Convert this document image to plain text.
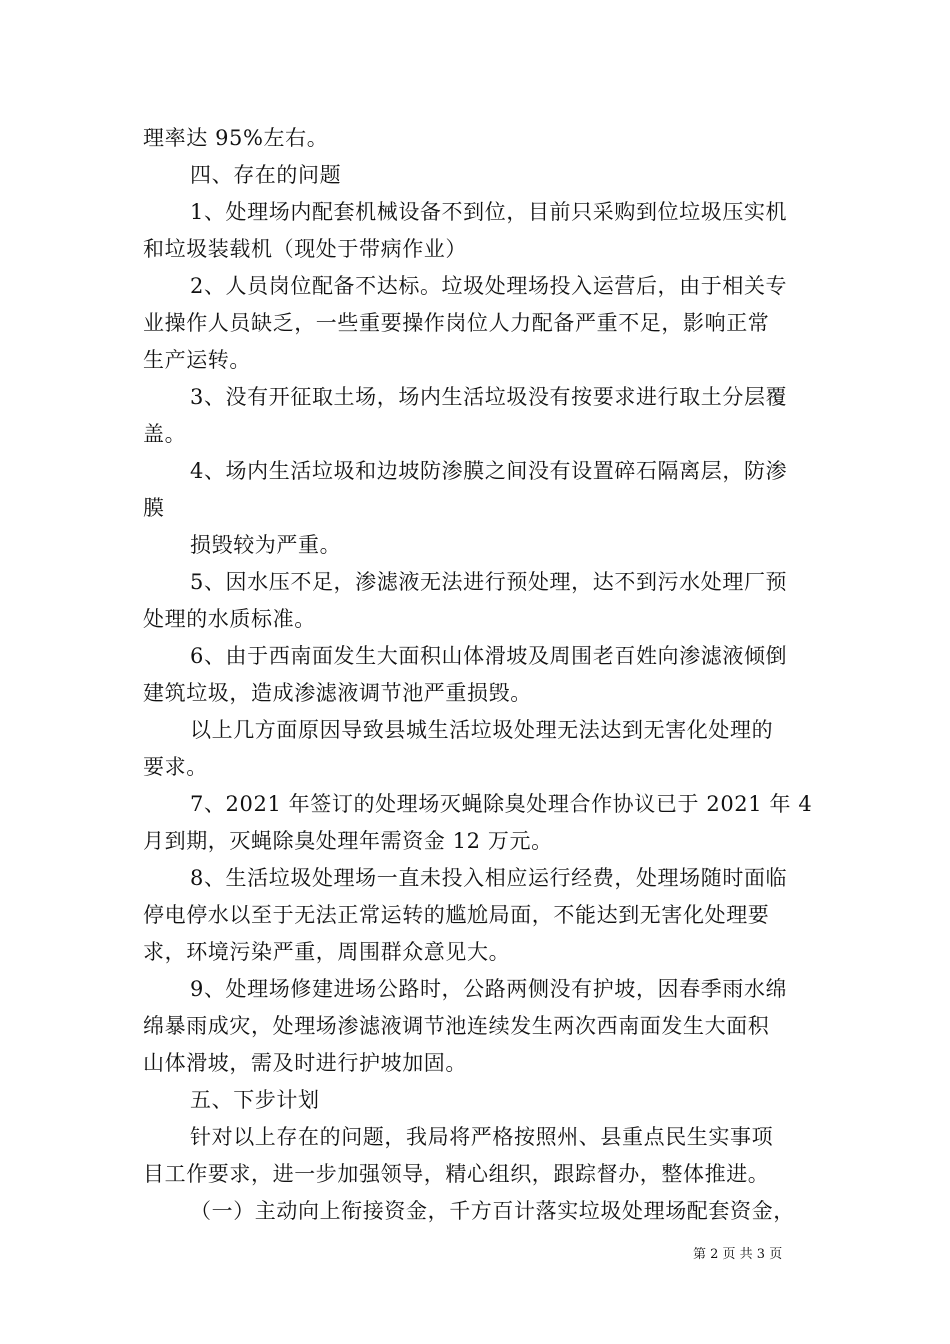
理率达 95%左右。
四、存在的问题
1、处理场内配套机械设备不到位，目前只采购到位垃圾压实机
和垃圾装载机（现处于带病作业）
2、人员岗位配备不达标。垃圾处理场投入运营后，由于相关专
业操作人员缺乏，一些重要操作岗位人力配备严重不足，影响正常
生产运转。
3、没有开征取土场，场内生活垃圾没有按要求进行取土分层覆
盖。
4、场内生活垃圾和边坡防渗膜之间没有设置碎石隔离层，防渗
膜
损毁较为严重。
5、因水压不足，渗滤液无法进行预处理，达不到污水处理厂预
处理的水质标准。
6、由于西南面发生大面积山体滑坡及周围老百姓向渗滤液倾倒
建筑垃圾，造成渗滤液调节池严重损毁。
以上几方面原因导致县城生活垃圾处理无法达到无害化处理的
要求。
7、2021 年签订的处理场灭蝇除臭处理合作协议已于 2021 年 4
月到期，灭蝇除臭处理年需资金 12 万元。
8、生活垃圾处理场一直未投入相应运行经费，处理场随时面临
停电停水以至于无法正常运转的尴尬局面，不能达到无害化处理要
求，环境污染严重，周围群众意见大。
9、处理场修建进场公路时，公路两侧没有护坡，因春季雨水绵
绵暴雨成灾，处理场渗滤液调节池连续发生两次西南面发生大面积
山体滑坡，需及时进行护坡加固。
五、下步计划
针对以上存在的问题，我局将严格按照州、县重点民生实事项
目工作要求，进一步加强领导，精心组织，跟踪督办，整体推进。
（一）主动向上衔接资金，千方百计落实垃圾处理场配套资金，
第 2 页 共 3 页
